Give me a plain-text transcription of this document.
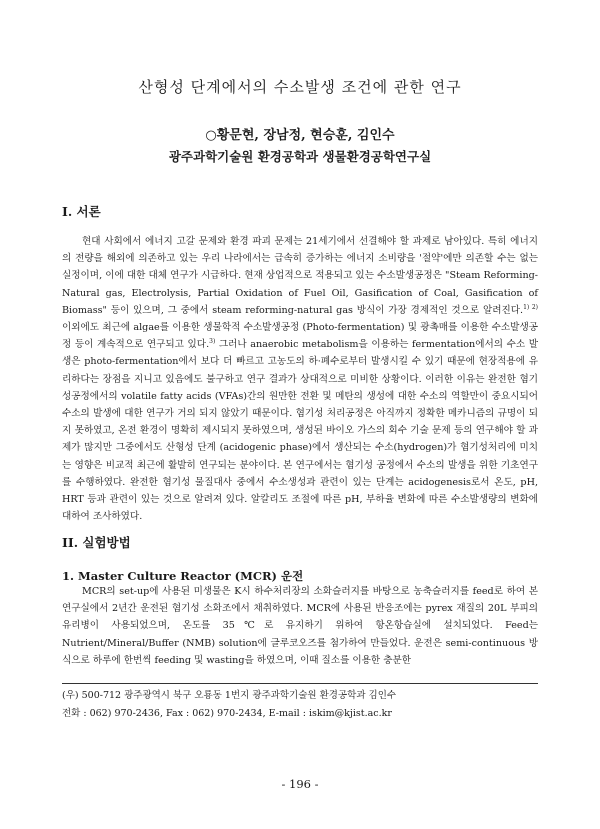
산형성 단계에서의 수소발생 조건에 관한 연구
○황문현, 장남정, 현승훈, 김인수
광주과학기술원 환경공학과 생물환경공학연구실
I. 서론

현대 사회에서 에너지 고갈 문제와 환경 파괴 문제는 21세기에서 선결해야 할 과제로 남아있다. 특히 에너지의 전량을 해외에 의존하고 있는 우리 나라에서는 급속히 증가하는 에너지 소비량을 '절약'에만 의존할 수는 없는 실정이며, 이에 대한 대체 연구가 시급하다. 현재 상업적으로 적용되고 있는 수소발생공정은 "Steam Reforming-Natural gas, Electrolysis, Partial Oxidation of Fuel Oil, Gasification of Coal, Gasification of Biomass" 등이 있으며, 그 중에서 steam reforming-natural gas 방식이 가장 경제적인 것으로 알려진다.$^{1) 2)}$ 이외에도 최근에 algae를 이용한 생물학적 수소발생공정 (Photo-fermentation) 및 광촉매를 이용한 수소발생공정 등이 계속적으로 연구되고 있다.$^{3)}$ 그러나 anaerobic metabolism을 이용하는 fermentation에서의 수소 발생은 photo-fermentation에서 보다 더 빠르고 고농도의 하·폐수로부터 발생시킬 수 있기 때문에 현장적용에 유리하다는 장점을 지니고 있음에도 불구하고 연구 결과가 상대적으로 미비한 상황이다. 이러한 이유는 완전한 혐기성공정에서의 volatile fatty acids (VFAs)간의 원만한 전환 및 메탄의 생성에 대한 수소의 역할만이 중요시되어 수소의 발생에 대한 연구가 거의 되지 않았기 때문이다. 혐기성 처리공정은 아직까지 정확한 메카니즘의 규명이 되지 못하였고, 온전 환경이 명확히 제시되지 못하였으며, 생성된 바이오 가스의 회수 기술 문제 등의 연구해야 할 과제가 많지만 그중에서도 산형성 단계 (acidogenic phase)에서 생산되는 수소(hydrogen)가 혐기성처리에 미치는 영향은 비교적 최근에 활발히 연구되는 분야이다. 본 연구에서는 혐기성 공정에서 수소의 발생을 위한 기초연구를 수행하였다. 완전한 혐기성 물질대사 중에서 수소생성과 관련이 있는 단계는 acidogenesis로서 온도, pH, HRT 등과 관련이 있는 것으로 알려져 있다. 알칼리도 조절에 따른 pH, 부하율 변화에 따른 수소발생량의 변화에 대하여 조사하였다.

II. 실험방법
1. Master Culture Reactor (MCR) 운전

MCR의 set-up에 사용된 미생물은 K시 하수처리장의 소화슬러지를 바탕으로 농축슬러지를 feed로 하여 본 연구실에서 2년간 운전된 혐기성 소화조에서 채취하였다. MCR에 사용된 반응조에는 pyrex 재질의 20L 부피의 유리병이 사용되었으며, 온도를 35℃로 유지하기 위하여 항온항습실에 설치되었다. Feed는 Nutrient/Mineral/Buffer (NMB) solution에 글루코오즈를 첨가하여 만들었다. 운전은 semi-continuous 방식으로 하루에 한번씩 feeding 및 wasting을 하였으며, 이때 질소를 이용한 충분한

(우) 500-712 광주광역시 북구 오룡동 1번지 광주과학기술원 환경공학과 김인수
전화 : 062) 970-2436, Fax : 062) 970-2434, E-mail : iskim@kjist.ac.kr
- 196 -
